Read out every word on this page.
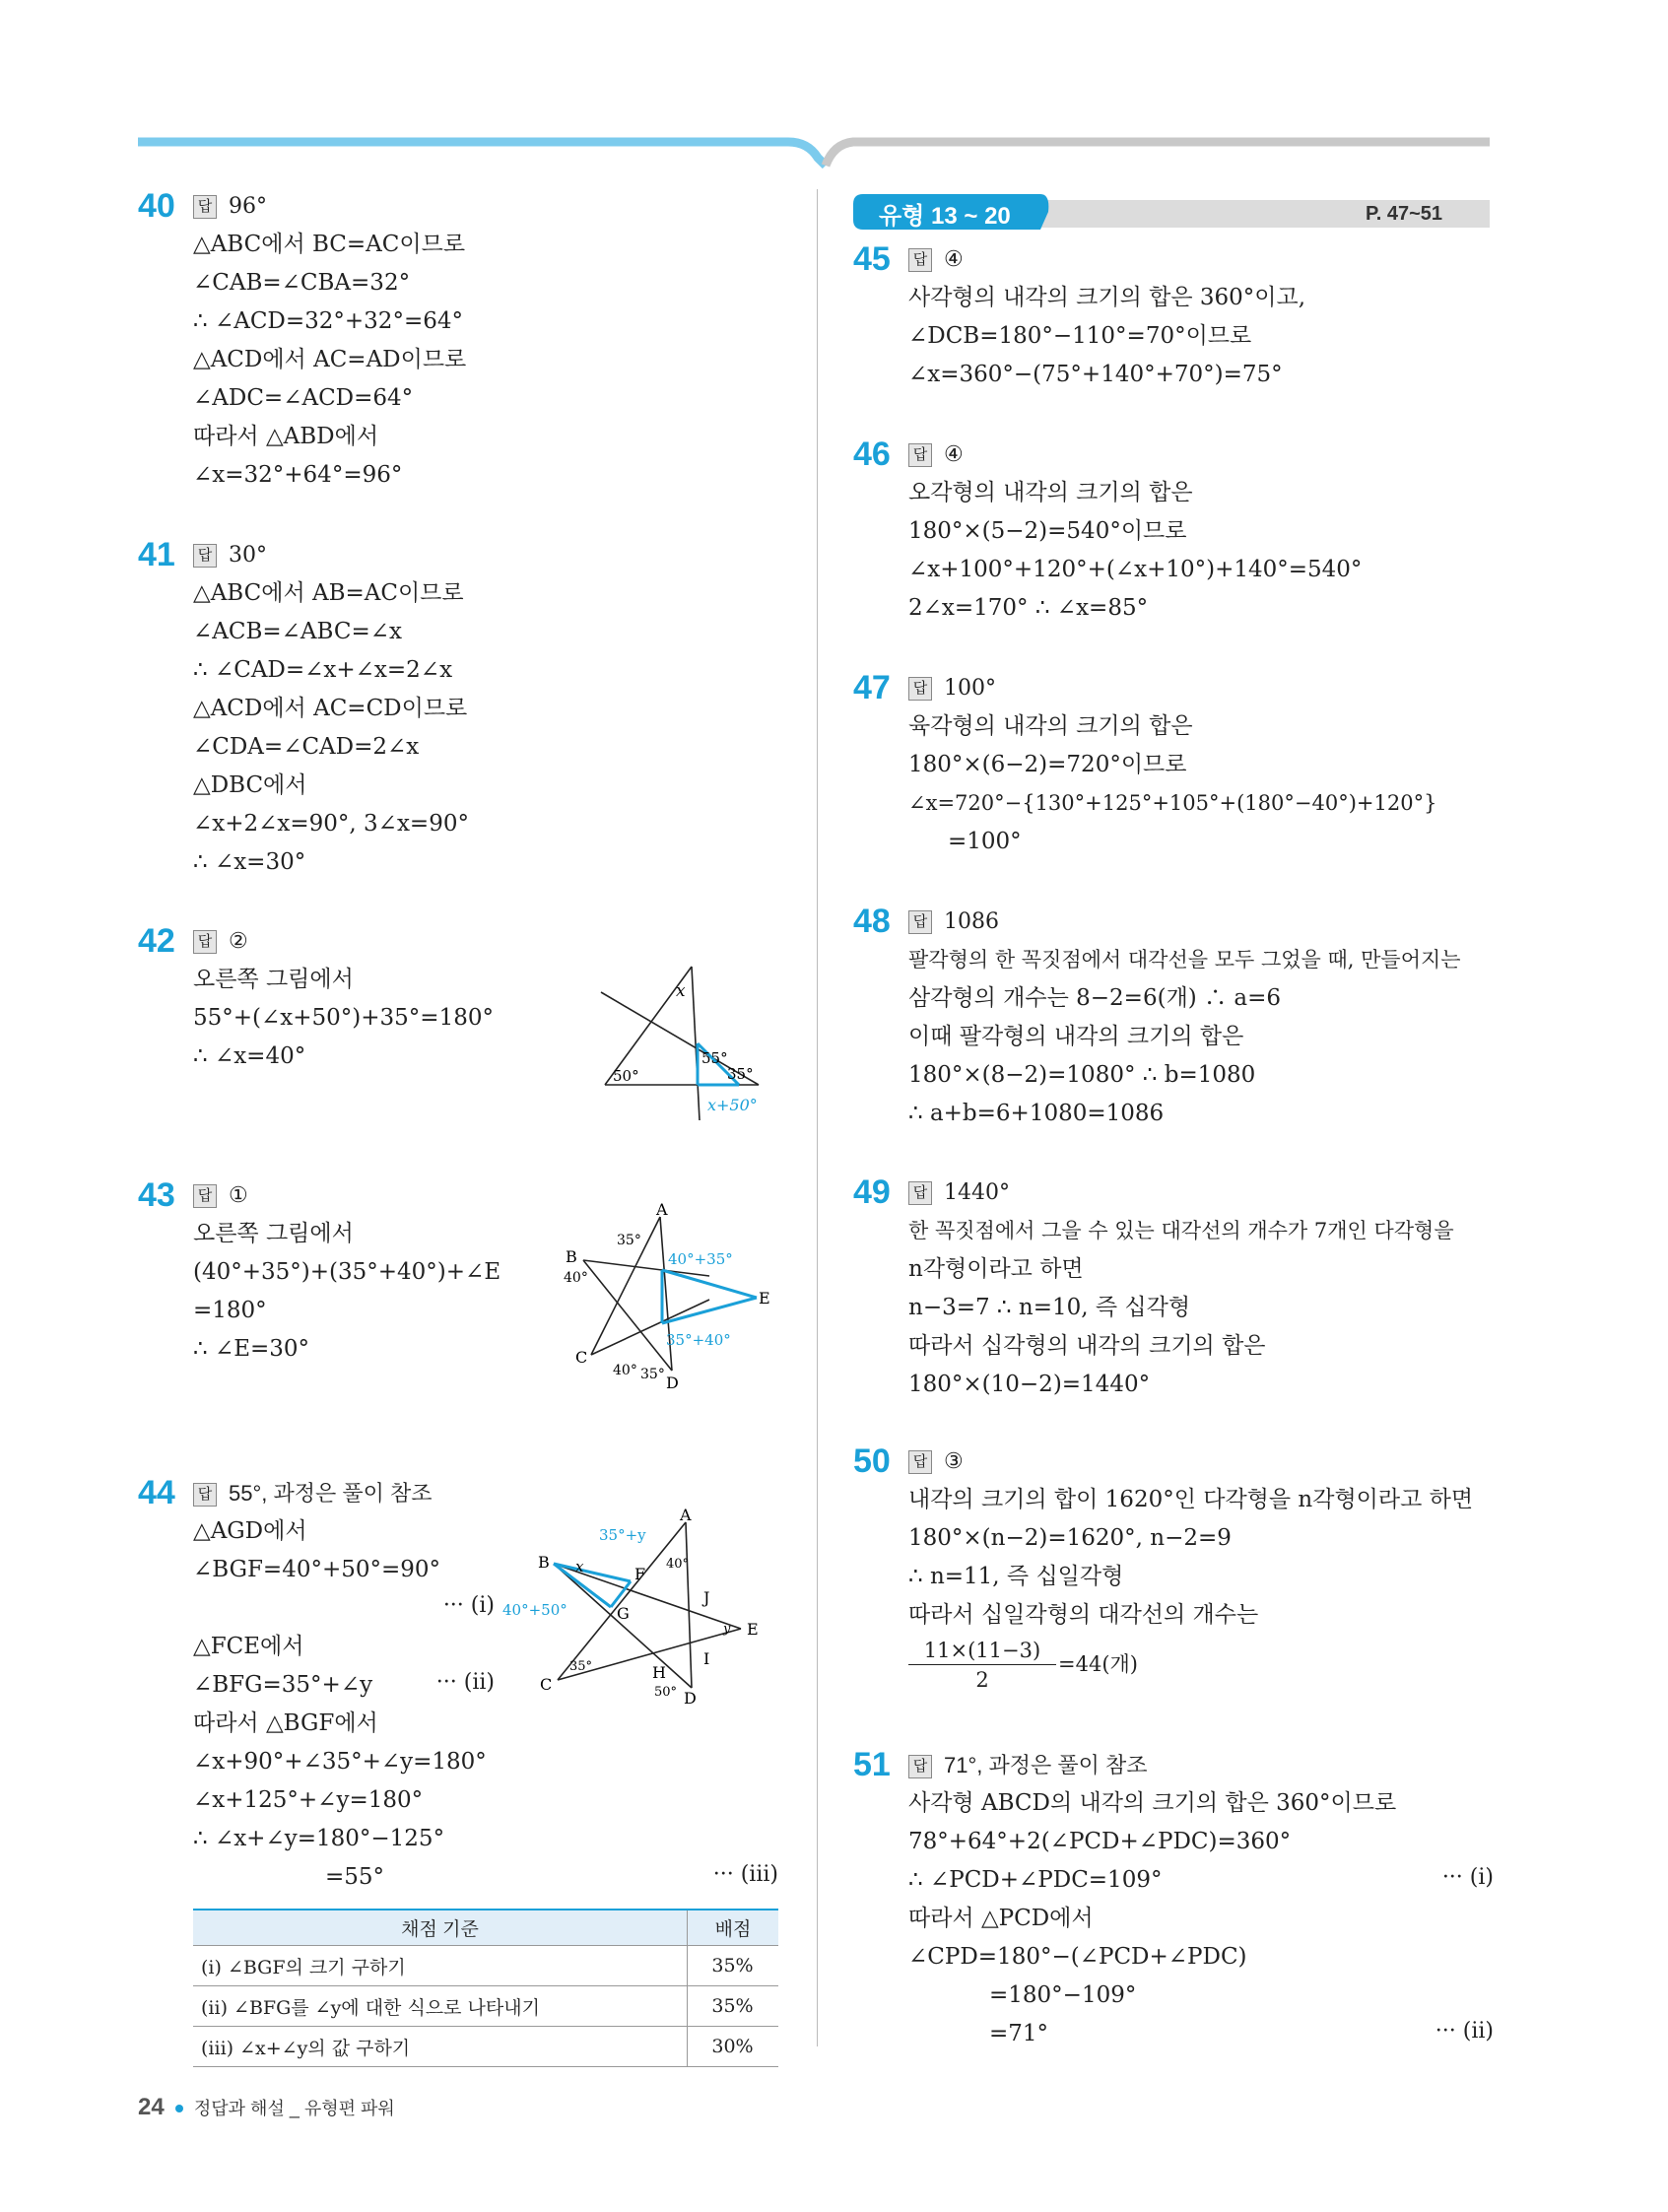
유형 13 ~ 20	P. 47~51
40	답 96°
△ABC에서 BC=AC이므로
∠CAB=∠CBA=32°
∴ ∠ACD=32°+32°=64°
△ACD에서 AC=AD이므로
∠ADC=∠ACD=64°
따라서 △ABD에서
∠x=32°+64°=96°
41	답 30°
△ABC에서 AB=AC이므로
∠ACB=∠ABC=∠x
∴ ∠CAD=∠x+∠x=2∠x
△ACD에서 AC=CD이므로
∠CDA=∠CAD=2∠x
△DBC에서
∠x+2∠x=90°, 3∠x=90°
∴ ∠x=30°
42	답 ②
오른쪽 그림에서
55°+(∠x+50°)+35°=180°
∴ ∠x=40°
x
55°
35°
50°
x+50°
43	답 ①
오른쪽 그림에서
(40°+35°)+(35°+40°)+∠E
=180°
∴ ∠E=30°
A
B
C
D
E
35°
40°
40° 35°
40°+35°
35°+40°
44	답 55°, 과정은 풀이 참조
△AGD에서
∠BGF=40°+50°=90°
··· (i)
△FCE에서
∠BFG=35°+∠y	··· (ii)
따라서 △BGF에서
∠x+90°+∠35°+∠y=180°
∠x+125°+∠y=180°
∴ ∠x+∠y=180°−125°
=55°	··· (iii)
A
B
C
D
E
F
G
H
I
J
35°+y
x	40°
40°+50°
y
35°
50°
채점 기준	배점
(i) ∠BGF의 크기 구하기	35%
(ii) ∠BFG를 ∠y에 대한 식으로 나타내기	35%
(iii) ∠x+∠y의 값 구하기	30%
45	답 ④
사각형의 내각의 크기의 합은 360°이고,
∠DCB=180°−110°=70°이므로
∠x=360°−(75°+140°+70°)=75°
46	답 ④
오각형의 내각의 크기의 합은
180°×(5−2)=540°이므로
∠x+100°+120°+(∠x+10°)+140°=540°
2∠x=170° ∴ ∠x=85°
47	답 100°
육각형의 내각의 크기의 합은
180°×(6−2)=720°이므로
∠x=720°−{130°+125°+105°+(180°−40°)+120°}
=100°
48	답 1086
팔각형의 한 꼭짓점에서 대각선을 모두 그었을 때, 만들어지는
삼각형의 개수는 8−2=6(개) ∴ a=6
이때 팔각형의 내각의 크기의 합은
180°×(8−2)=1080° ∴ b=1080
∴ a+b=6+1080=1086
49	답 1440°
한 꼭짓점에서 그을 수 있는 대각선의 개수가 7개인 다각형을
n각형이라고 하면
n−3=7 ∴ n=10, 즉 십각형
따라서 십각형의 내각의 크기의 합은
180°×(10−2)=1440°
50	답 ③
내각의 크기의 합이 1620°인 다각형을 n각형이라고 하면
180°×(n−2)=1620°, n−2=9
∴ n=11, 즉 십일각형
따라서 십일각형의 대각선의 개수는
11×(11−3)
2
=44(개)
51	답 71°, 과정은 풀이 참조
사각형 ABCD의 내각의 크기의 합은 360°이므로
78°+64°+2(∠PCD+∠PDC)=360°
∴ ∠PCD+∠PDC=109°	··· (i)
따라서 △PCD에서
∠CPD=180°−(∠PCD+∠PDC)
=180°−109°
=71°	··· (ii)
24 정답과 해설 _ 유형편 파워
